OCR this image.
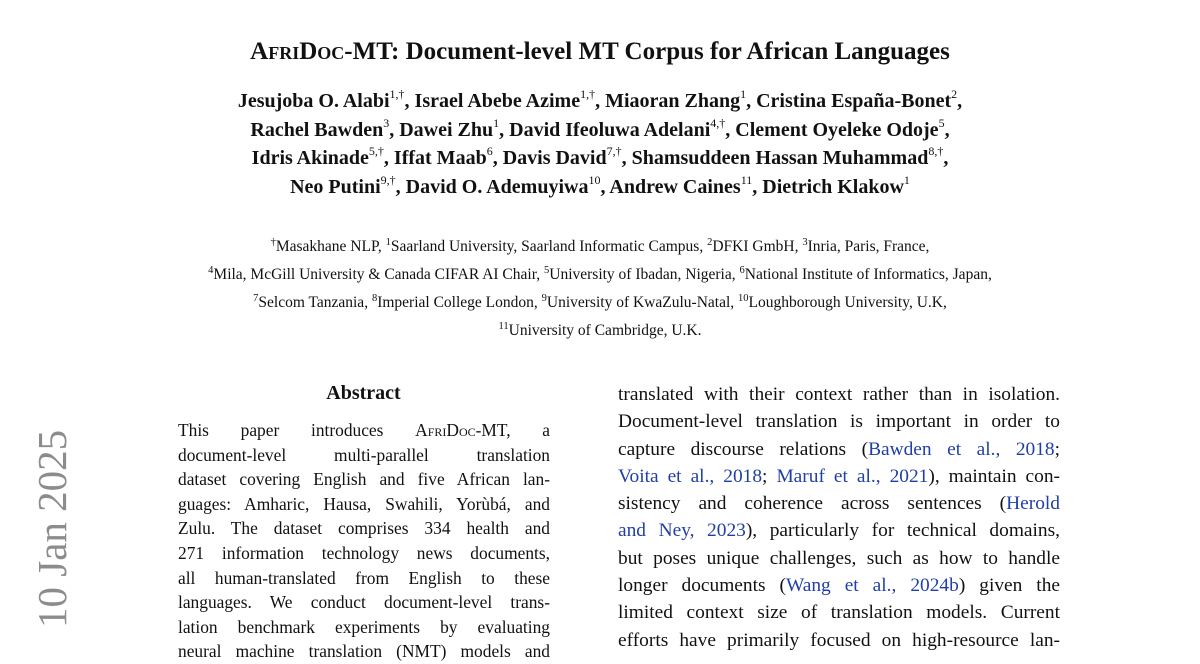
10 Jan 2025
AfriDoc-MT: Document-level MT Corpus for African Languages
Jesujoba O. Alabi$^{1,\dagger}$, Israel Abebe Azime$^{1,\dagger}$, Miaoran Zhang$^1$, Cristina España-Bonet$^2$,
Rachel Bawden$^3$, Dawei Zhu$^1$, David Ifeoluwa Adelani$^{4,\dagger}$, Clement Oyeleke Odoje$^5$,
Idris Akinade$^{5,\dagger}$, Iffat Maab$^6$, Davis David$^{7,\dagger}$, Shamsuddeen Hassan Muhammad$^{8,\dagger}$,
Neo Putini$^{9,\dagger}$, David O. Ademuyiwa$^{10}$, Andrew Caines$^{11}$, Dietrich Klakow$^1$
†Masakhane NLP, $^1$Saarland University, Saarland Informatic Campus, $^2$DFKI GmbH, $^3$Inria, Paris, France,
$^4$Mila, McGill University & Canada CIFAR AI Chair, $^5$University of Ibadan, Nigeria, $^6$National Institute of Informatics, Japan,
$^7$Selcom Tanzania, $^8$Imperial College London, $^9$University of KwaZulu-Natal, $^{10}$Loughborough University, U.K,
$^{11}$University of Cambridge, U.K.
Abstract
This paper introduces AfriDoc-MT, a
document-level multi-parallel translation
dataset covering English and five African lan-
guages: Amharic, Hausa, Swahili, Yorùbá, and
Zulu. The dataset comprises 334 health and
271 information technology news documents,
all human-translated from English to these
languages. We conduct document-level trans-
lation benchmark experiments by evaluating
neural machine translation (NMT) models and
translated with their context rather than in isolation.
Document-level translation is important in order to
capture discourse relations (Bawden et al., 2018;
Voita et al., 2018; Maruf et al., 2021), maintain con-
sistency and coherence across sentences (Herold
and Ney, 2023), particularly for technical domains,
but poses unique challenges, such as how to handle
longer documents (Wang et al., 2024b) given the
limited context size of translation models. Current
efforts have primarily focused on high-resource lan-
